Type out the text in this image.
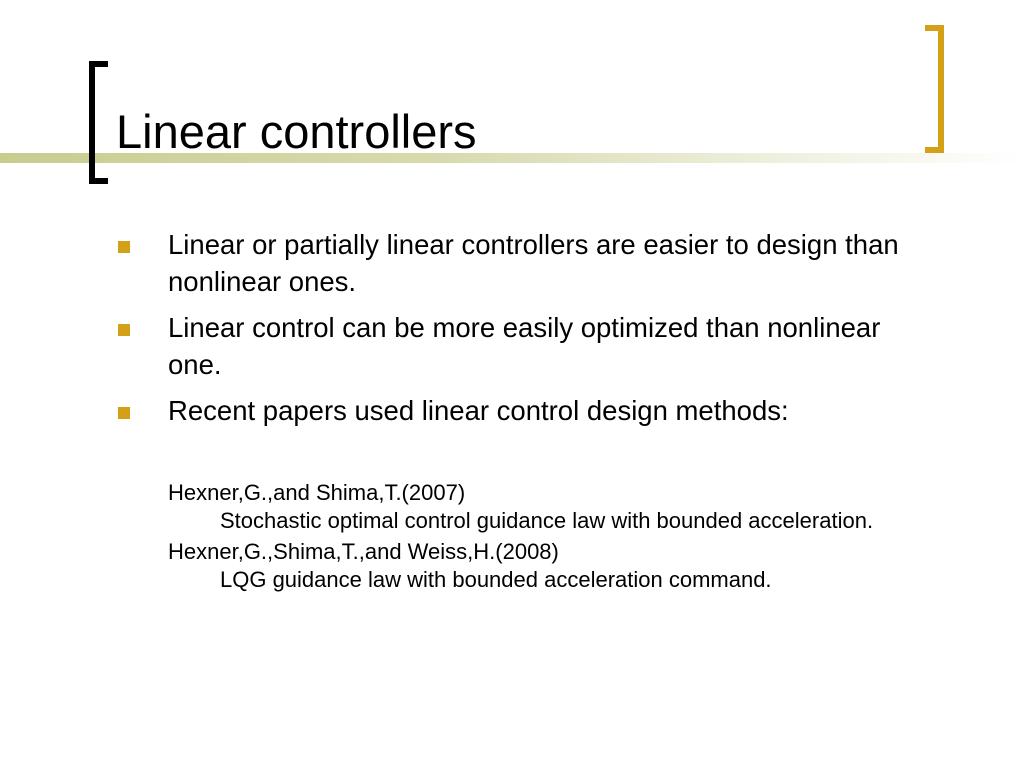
Linear controllers
Linear or partially linear controllers are easier to design than nonlinear ones.
Linear control can be more easily optimized than nonlinear one.
Recent papers used linear control design methods:
Hexner,G.,and Shima,T.(2007)
Stochastic optimal control guidance law with bounded acceleration.
Hexner,G.,Shima,T.,and Weiss,H.(2008)
LQG guidance law with bounded acceleration command.
